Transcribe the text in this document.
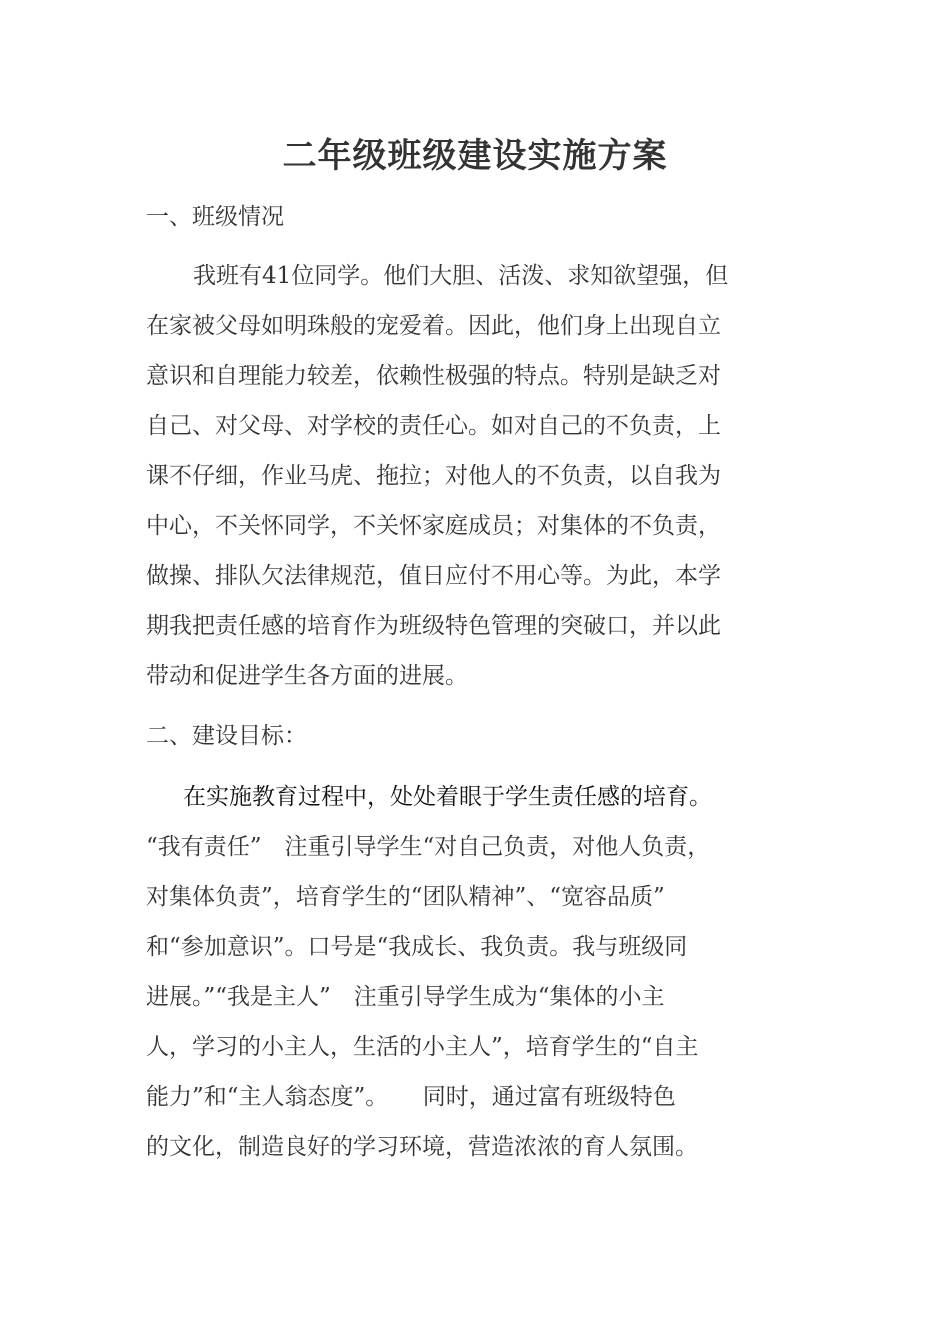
二年级班级建设实施方案
一、班级情况
　我班有41位同学。他们大胆、活泼、求知欲望强，但
在家被父母如明珠般的宠爱着。因此，他们身上出现自立
意识和自理能力较差，依赖性极强的特点。特别是缺乏对
自己、对父母、对学校的责任心。如对自己的不负责，上
课不仔细，作业马虎、拖拉；对他人的不负责，以自我为
中心，不关怀同学，不关怀家庭成员；对集体的不负责，
做操、排队欠法律规范，值日应付不用心等。为此，本学
期我把责任感的培育作为班级特色管理的突破口，并以此
带动和促进学生各方面的进展。
二、建设目标：
　在实施教育过程中，处处着眼于学生责任感的培育。
“我有责任”　注重引导学生“对自己负责，对他人负责，
对集体负责”，培育学生的“团队精神”、“宽容品质”
和“参加意识”。口号是“我成长、我负责。我与班级同
进展。”“我是主人”　注重引导学生成为“集体的小主
人，学习的小主人，生活的小主人”，培育学生的“自主
能力”和“主人翁态度”。　　同时，通过富有班级特色
的文化，制造良好的学习环境，营造浓浓的育人氛围。
